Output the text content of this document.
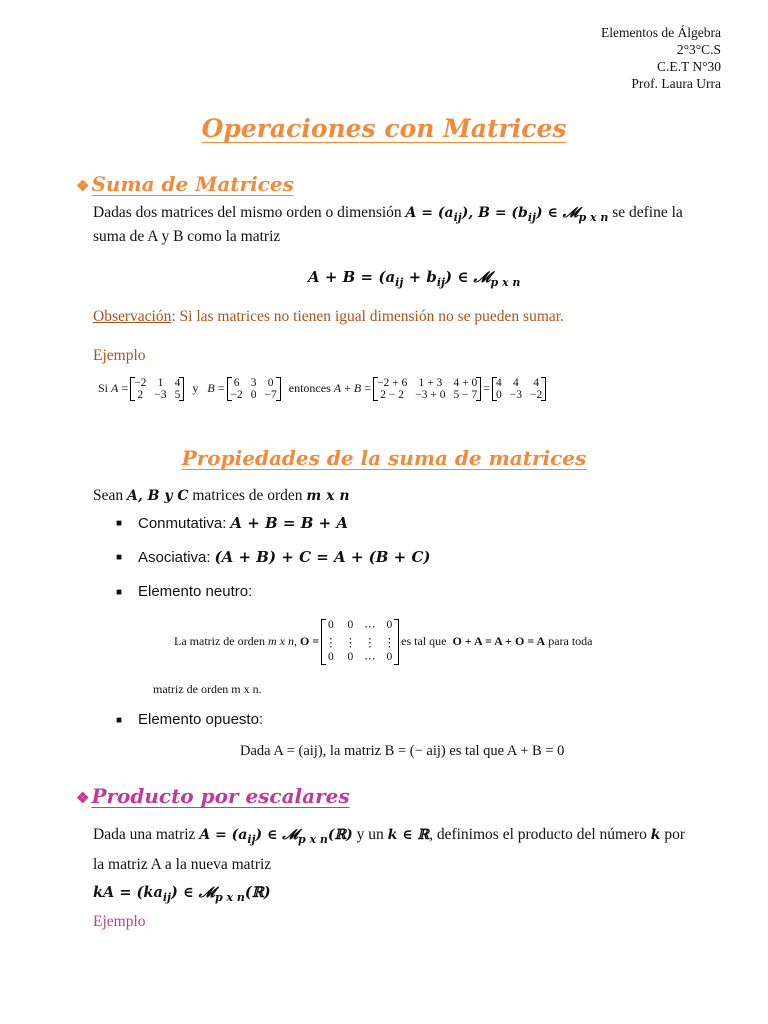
Elementos de Álgebra
2°3°C.S
C.E.T N°30
Prof. Laura Urra
Operaciones con Matrices
❖ Suma de Matrices
Dadas dos matrices del mismo orden o dimensión $A = (a_{ij})$, $B = (b_{ij})$ ∈ 𝓜$_{p x n}$ se define la
suma de A y B como la matriz
$A + B = (a_{ij} + b_{ij})$ ∈ 𝓜$_{p x n}$
Observación: Si las matrices no tienen igual dimensión no se pueden sumar.
Ejemplo
Si A = −2 1 4
2 −3 5
y B = 6 3 0
−2 0 −7
entonces A + B = −2 + 6 1 + 3 4 + 0
2 − 2 −3 + 0 5 − 7
= 4 4 4
0 −3 −2
Propiedades de la suma de matrices
Sean A, B y C matrices de orden m x n
■ Conmutativa: A + B = B + A
■ Asociativa: (A + B) + C = A + (B + C)
■ Elemento neutro:
La matriz de orden m x n, O =
0 0 ⋯ 0
⋮ ⋮ ⋮ ⋮
0 0 ⋯ 0
es tal que O + A = A + O = A para toda
matriz de orden m x n.
■ Elemento opuesto:
Dada A = (aij), la matriz B = (− aij) es tal que A + B = 0
❖ Producto por escalares
Dada una matriz $A = (a_{ij})$ ∈ 𝓜$_{p x n}$(ℝ) y un k ∈ ℝ, definimos el producto del número k por
la matriz A a la nueva matriz
kA = $(ka_{ij})$ ∈ 𝓜$_{p x n}$(ℝ)
Ejemplo
